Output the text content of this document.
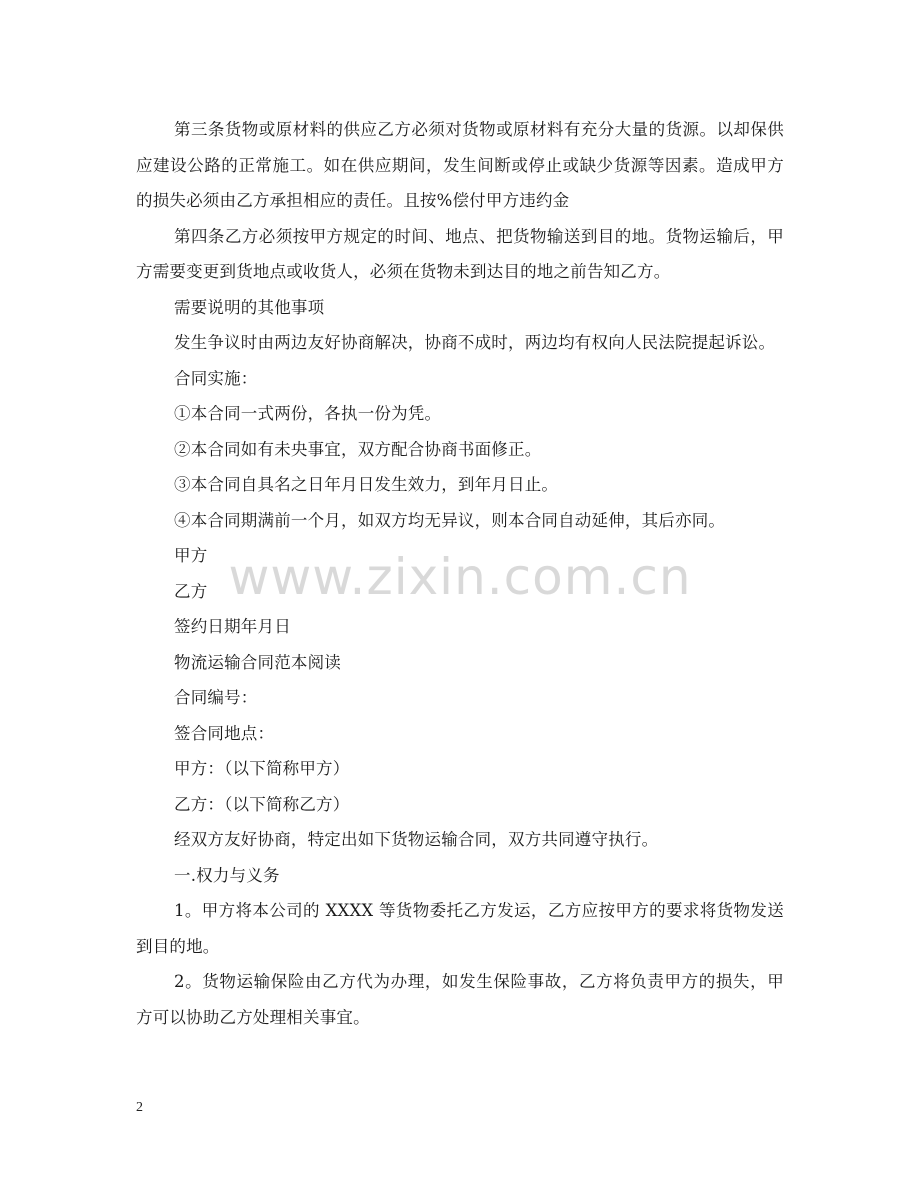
第三条货物或原材料的供应乙方必须对货物或原材料有充分大量的货源。以却保供应建设公路的正常施工。如在供应期间，发生间断或停止或缺少货源等因素。造成甲方的损失必须由乙方承担相应的责任。且按%偿付甲方违约金

第四条乙方必须按甲方规定的时间、地点、把货物输送到目的地。货物运输后，甲方需要变更到货地点或收货人，必须在货物未到达目的地之前告知乙方。

需要说明的其他事项

发生争议时由两边友好协商解决，协商不成时，两边均有权向人民法院提起诉讼。

合同实施：

①本合同一式两份，各执一份为凭。

②本合同如有未央事宜，双方配合协商书面修正。

③本合同自具名之日年月日发生效力，到年月日止。

④本合同期满前一个月，如双方均无异议，则本合同自动延伸，其后亦同。

甲方

乙方

签约日期年月日

物流运输合同范本阅读

合同编号：

签合同地点：

甲方：（以下简称甲方）

乙方：（以下简称乙方）

经双方友好协商，特定出如下货物运输合同，双方共同遵守执行。

一.权力与义务

1。甲方将本公司的 XXXX 等货物委托乙方发运，乙方应按甲方的要求将货物发送到目的地。

2。货物运输保险由乙方代为办理，如发生保险事故，乙方将负责甲方的损失，甲方可以协助乙方处理相关事宜。

www.zixin.com.cn
2
